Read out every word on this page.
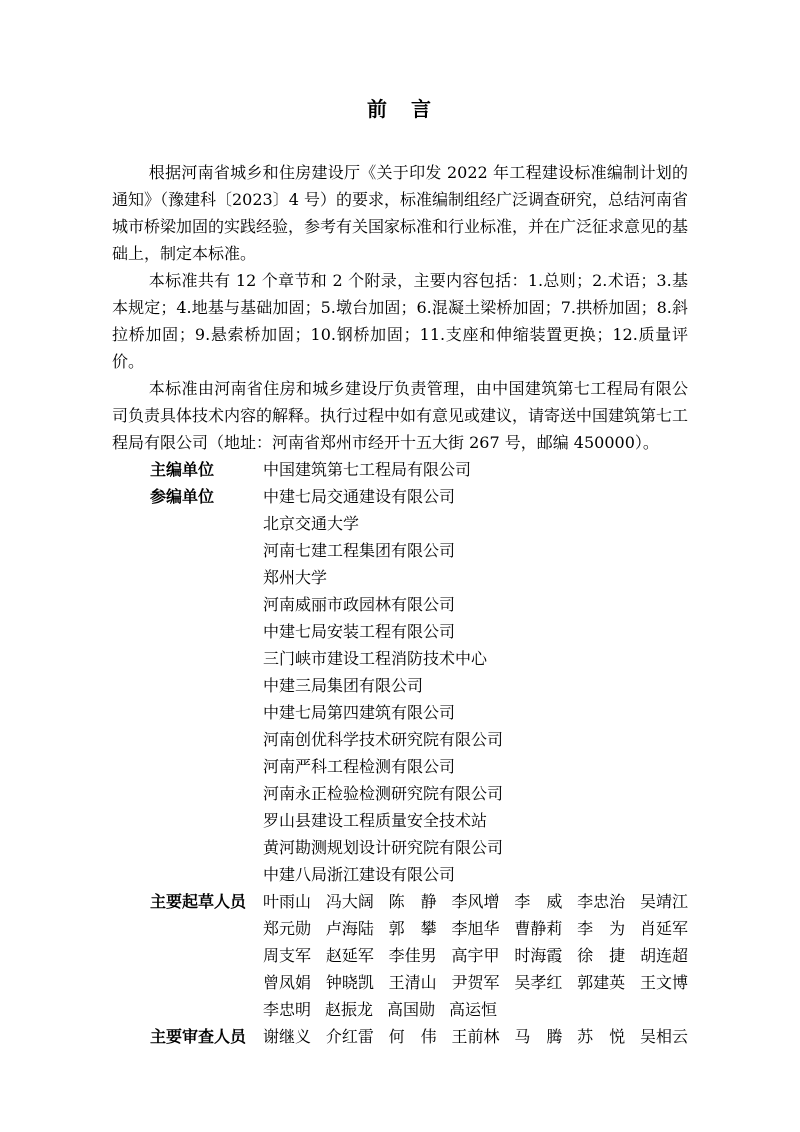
前　言

根据河南省城乡和住房建设厅《关于印发 2022 年工程建设标准编制计划的通知》（豫建科〔2023〕4 号）的要求，标准编制组经广泛调查研究，总结河南省城市桥梁加固的实践经验，参考有关国家标准和行业标准，并在广泛征求意见的基础上，制定本标准。

本标准共有 12 个章节和 2 个附录，主要内容包括：1.总则；2.术语；3.基本规定；4.地基与基础加固；5.墩台加固；6.混凝土梁桥加固；7.拱桥加固；8.斜拉桥加固；9.悬索桥加固；10.钢桥加固；11.支座和伸缩装置更换；12.质量评价。

本标准由河南省住房和城乡建设厅负责管理，由中国建筑第七工程局有限公司负责具体技术内容的解释。执行过程中如有意见或建议，请寄送中国建筑第七工程局有限公司（地址：河南省郑州市经开十五大街 267 号，邮编 450000）。

主编单位	中国建筑第七工程局有限公司
参编单位	中建七局交通建设有限公司
北京交通大学
河南七建工程集团有限公司
郑州大学
河南威丽市政园林有限公司
中建七局安装工程有限公司
三门峡市建设工程消防技术中心
中建三局集团有限公司
中建七局第四建筑有限公司
河南创优科学技术研究院有限公司
河南严科工程检测有限公司
河南永正检验检测研究院有限公司
罗山县建设工程质量安全技术站
黄河勘测规划设计研究院有限公司
中建八局浙江建设有限公司
主要起草人员	叶雨山 冯大阔 陈　静 李风增 李　威 李忠治 吴靖江
郑元勋 卢海陆 郭　攀 李旭华 曹静莉 李　为 肖延军
周支军 赵延军 李佳男 高宇甲 时海霞 徐　捷 胡连超
曾凤娟 钟晓凯 王清山 尹贺军 吴孝红 郭建英 王文博
李忠明 赵振龙 高国勋 高运恒
主要审查人员	谢继义 介红雷 何　伟 王前林 马　腾 苏　悦 吴相云
